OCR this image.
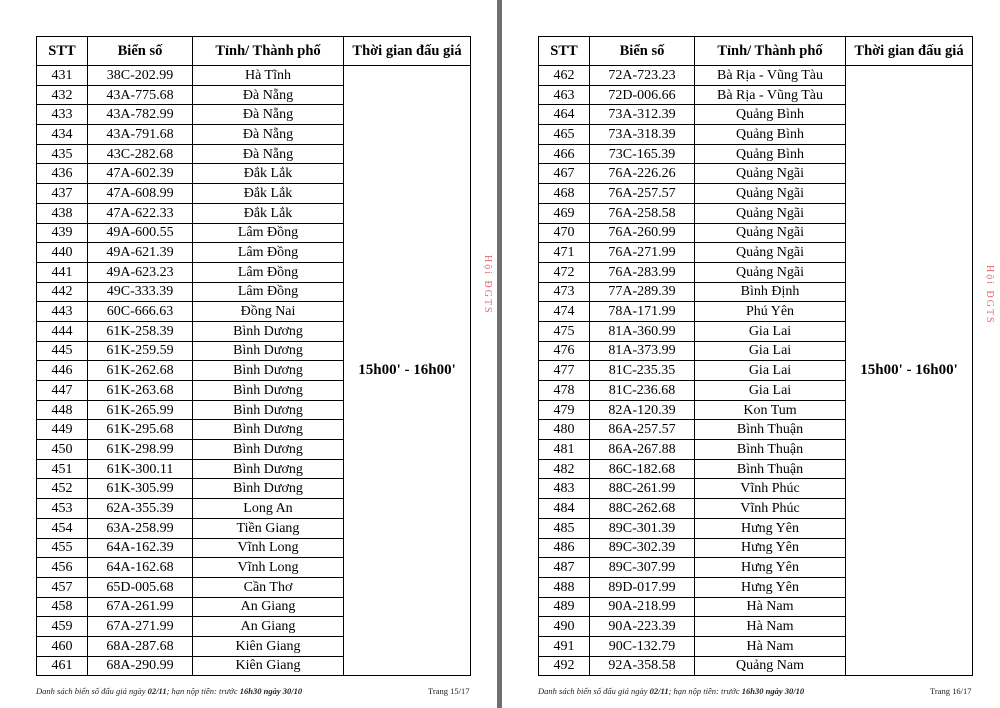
STT	Biển số	Tỉnh/ Thành phố	Thời gian đấu giá
431	38C-202.99	Hà Tĩnh	15h00' - 16h00'
432	43A-775.68	Đà Nẵng	
433	43A-782.99	Đà Nẵng	
434	43A-791.68	Đà Nẵng	
435	43C-282.68	Đà Nẵng	
436	47A-602.39	Đắk Lắk	
437	47A-608.99	Đắk Lắk	
438	47A-622.33	Đắk Lắk	
439	49A-600.55	Lâm Đồng	
440	49A-621.39	Lâm Đồng	
441	49A-623.23	Lâm Đồng	
442	49C-333.39	Lâm Đồng	
443	60C-666.63	Đồng Nai	
444	61K-258.39	Bình Dương	
445	61K-259.59	Bình Dương	
446	61K-262.68	Bình Dương	
447	61K-263.68	Bình Dương	
448	61K-265.99	Bình Dương	
449	61K-295.68	Bình Dương	
450	61K-298.99	Bình Dương	
451	61K-300.11	Bình Dương	
452	61K-305.99	Bình Dương	
453	62A-355.39	Long An	
454	63A-258.99	Tiền Giang	
455	64A-162.39	Vĩnh Long	
456	64A-162.68	Vĩnh Long	
457	65D-005.68	Cần Thơ	
458	67A-261.99	An Giang	
459	67A-271.99	An Giang	
460	68A-287.68	Kiên Giang	
461	68A-290.99	Kiên Giang	
Hội ĐGTS
Danh sách biển số đấu giá ngày 02/11; hạn nộp tiền: trước 16h30 ngày 30/10	Trang 15/17
STT	Biển số	Tỉnh/ Thành phố	Thời gian đấu giá
462	72A-723.23	Bà Rịa - Vũng Tàu	15h00' - 16h00'
463	72D-006.66	Bà Rịa - Vũng Tàu	
464	73A-312.39	Quảng Bình	
465	73A-318.39	Quảng Bình	
466	73C-165.39	Quảng Bình	
467	76A-226.26	Quảng Ngãi	
468	76A-257.57	Quảng Ngãi	
469	76A-258.58	Quảng Ngãi	
470	76A-260.99	Quảng Ngãi	
471	76A-271.99	Quảng Ngãi	
472	76A-283.99	Quảng Ngãi	
473	77A-289.39	Bình Định	
474	78A-171.99	Phú Yên	
475	81A-360.99	Gia Lai	
476	81A-373.99	Gia Lai	
477	81C-235.35	Gia Lai	
478	81C-236.68	Gia Lai	
479	82A-120.39	Kon Tum	
480	86A-257.57	Bình Thuận	
481	86A-267.88	Bình Thuận	
482	86C-182.68	Bình Thuận	
483	88C-261.99	Vĩnh Phúc	
484	88C-262.68	Vĩnh Phúc	
485	89C-301.39	Hưng Yên	
486	89C-302.39	Hưng Yên	
487	89C-307.99	Hưng Yên	
488	89D-017.99	Hưng Yên	
489	90A-218.99	Hà Nam	
490	90A-223.39	Hà Nam	
491	90C-132.79	Hà Nam	
492	92A-358.58	Quảng Nam	
Hội ĐGTS
Danh sách biển số đấu giá ngày 02/11; hạn nộp tiền: trước 16h30 ngày 30/10	Trang 16/17
